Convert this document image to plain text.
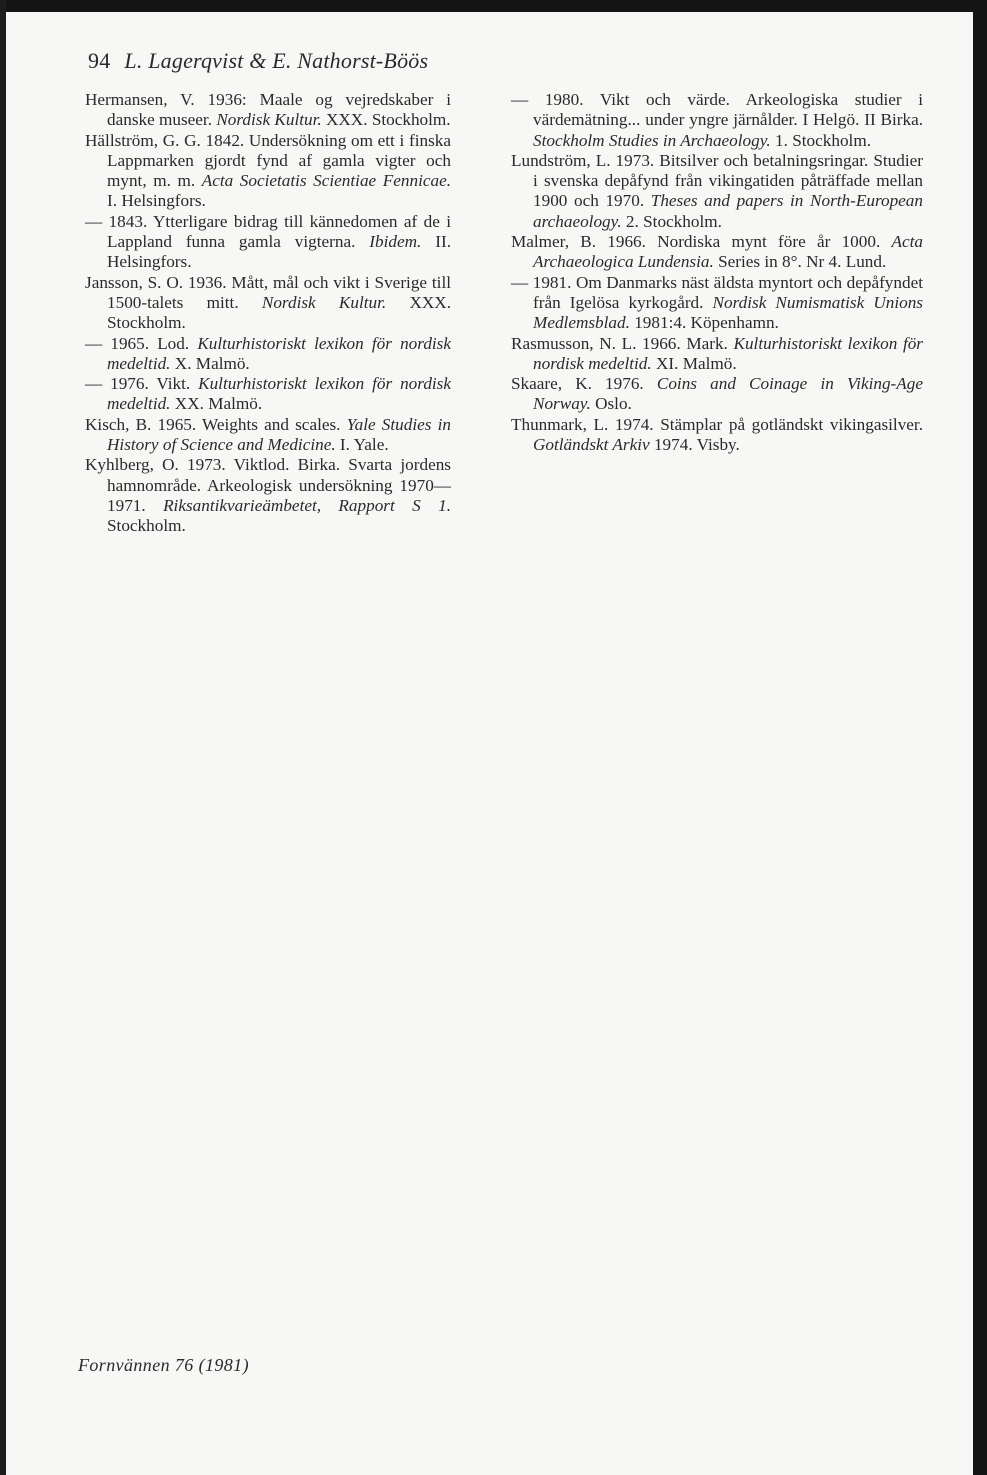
94 L. Lagerqvist & E. Nathorst-Böös
Hermansen, V. 1936: Maale og vejredskaber i danske museer. Nordisk Kultur. XXX. Stockholm.
Hällström, G. G. 1842. Undersökning om ett i finska Lappmarken gjordt fynd af gamla vigter och mynt, m. m. Acta Societatis Scientiae Fennicae. I. Helsingfors.
— 1843. Ytterligare bidrag till kännedomen af de i Lappland funna gamla vigterna. Ibidem. II. Helsingfors.
Jansson, S. O. 1936. Mått, mål och vikt i Sverige till 1500-talets mitt. Nordisk Kultur. XXX. Stockholm.
— 1965. Lod. Kulturhistoriskt lexikon för nordisk medeltid. X. Malmö.
— 1976. Vikt. Kulturhistoriskt lexikon för nordisk medeltid. XX. Malmö.
Kisch, B. 1965. Weights and scales. Yale Studies in History of Science and Medicine. I. Yale.
Kyhlberg, O. 1973. Viktlod. Birka. Svarta jordens hamnområde. Arkeologisk undersökning 1970—1971. Riksantikvarieämbetet, Rapport S 1. Stockholm.
— 1980. Vikt och värde. Arkeologiska studier i värdemätning... under yngre järnålder. I Helgö. II Birka. Stockholm Studies in Archaeology. 1. Stockholm.
Lundström, L. 1973. Bitsilver och betalningsringar. Studier i svenska depåfynd från vikingatiden påträffade mellan 1900 och 1970. Theses and papers in North-European archaeology. 2. Stockholm.
Malmer, B. 1966. Nordiska mynt före år 1000. Acta Archaeologica Lundensia. Series in 8°. Nr 4. Lund.
— 1981. Om Danmarks näst äldsta myntort och depåfyndet från Igelösa kyrkogård. Nordisk Numismatisk Unions Medlemsblad. 1981:4. Köpenhamn.
Rasmusson, N. L. 1966. Mark. Kulturhistoriskt lexikon för nordisk medeltid. XI. Malmö.
Skaare, K. 1976. Coins and Coinage in Viking-Age Norway. Oslo.
Thunmark, L. 1974. Stämplar på gotländskt vikingasilver. Gotländskt Arkiv 1974. Visby.
Fornvännen 76 (1981)
